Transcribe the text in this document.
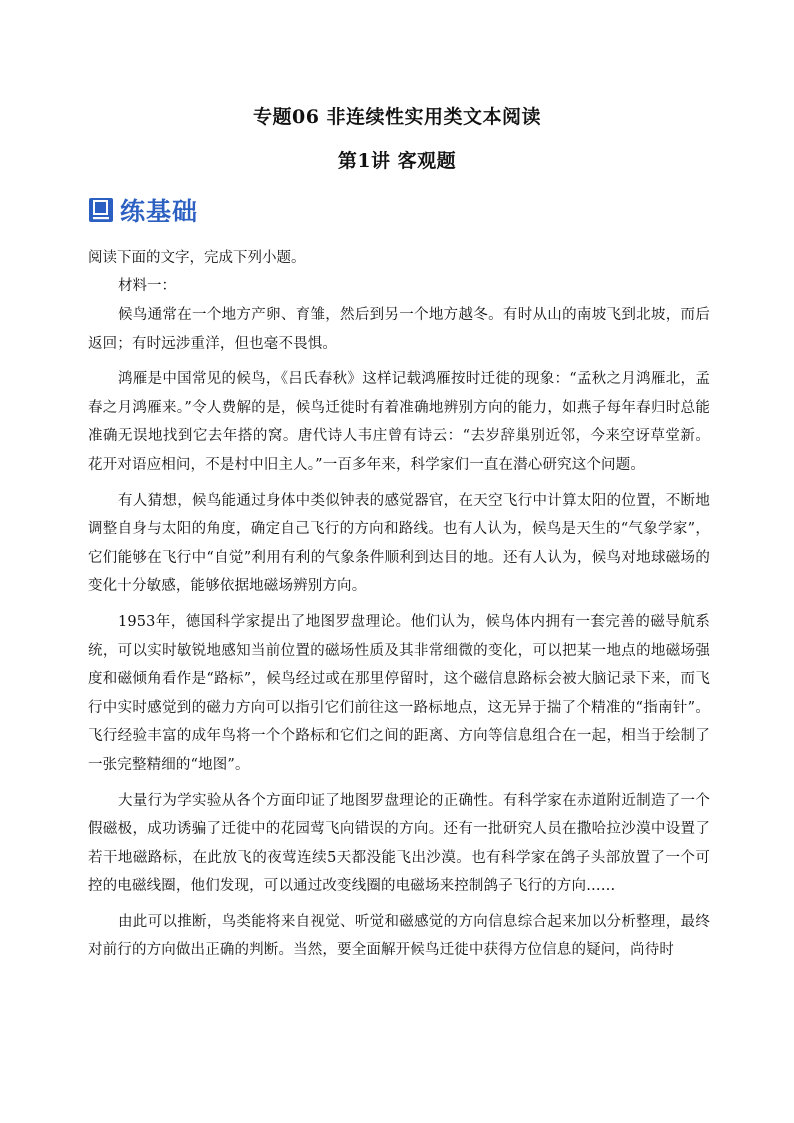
专题06 非连续性实用类文本阅读
第1讲 客观题
练基础
阅读下面的文字，完成下列小题。
材料一：

候鸟通常在一个地方产卵、育雏，然后到另一个地方越冬。有时从山的南坡飞到北坡，而后返回；有时远涉重洋，但也毫不畏惧。

鸿雁是中国常见的候鸟，《吕氏春秋》这样记载鸿雁按时迁徙的现象：“孟秋之月鸿雁北，孟春之月鸿雁来。”令人费解的是，候鸟迁徙时有着准确地辨别方向的能力，如燕子每年春归时总能准确无误地找到它去年搭的窝。唐代诗人韦庄曾有诗云：“去岁辞巢别近邻，今来空讶草堂新。花开对语应相问，不是村中旧主人。”一百多年来，科学家们一直在潜心研究这个问题。

有人猜想，候鸟能通过身体中类似钟表的感觉器官，在天空飞行中计算太阳的位置，不断地调整自身与太阳的角度，确定自己飞行的方向和路线。也有人认为，候鸟是天生的“气象学家”，它们能够在飞行中“自觉”利用有利的气象条件顺利到达目的地。还有人认为，候鸟对地球磁场的变化十分敏感，能够依据地磁场辨别方向。

1953年，德国科学家提出了地图罗盘理论。他们认为，候鸟体内拥有一套完善的磁导航系统，可以实时敏锐地感知当前位置的磁场性质及其非常细微的变化，可以把某一地点的地磁场强度和磁倾角看作是“路标”，候鸟经过或在那里停留时，这个磁信息路标会被大脑记录下来，而飞行中实时感觉到的磁力方向可以指引它们前往这一路标地点，这无异于揣了个精准的“指南针”。飞行经验丰富的成年鸟将一个个路标和它们之间的距离、方向等信息组合在一起，相当于绘制了一张完整精细的“地图”。

大量行为学实验从各个方面印证了地图罗盘理论的正确性。有科学家在赤道附近制造了一个假磁极，成功诱骗了迁徙中的花园莺飞向错误的方向。还有一批研究人员在撒哈拉沙漠中设置了若干地磁路标，在此放飞的夜莺连续5天都没能飞出沙漠。也有科学家在鸽子头部放置了一个可控的电磁线圈，他们发现，可以通过改变线圈的电磁场来控制鸽子飞行的方向……

由此可以推断，鸟类能将来自视觉、听觉和磁感觉的方向信息综合起来加以分析整理，最终对前行的方向做出正确的判断。当然，要全面解开候鸟迁徙中获得方位信息的疑问，尚待时
